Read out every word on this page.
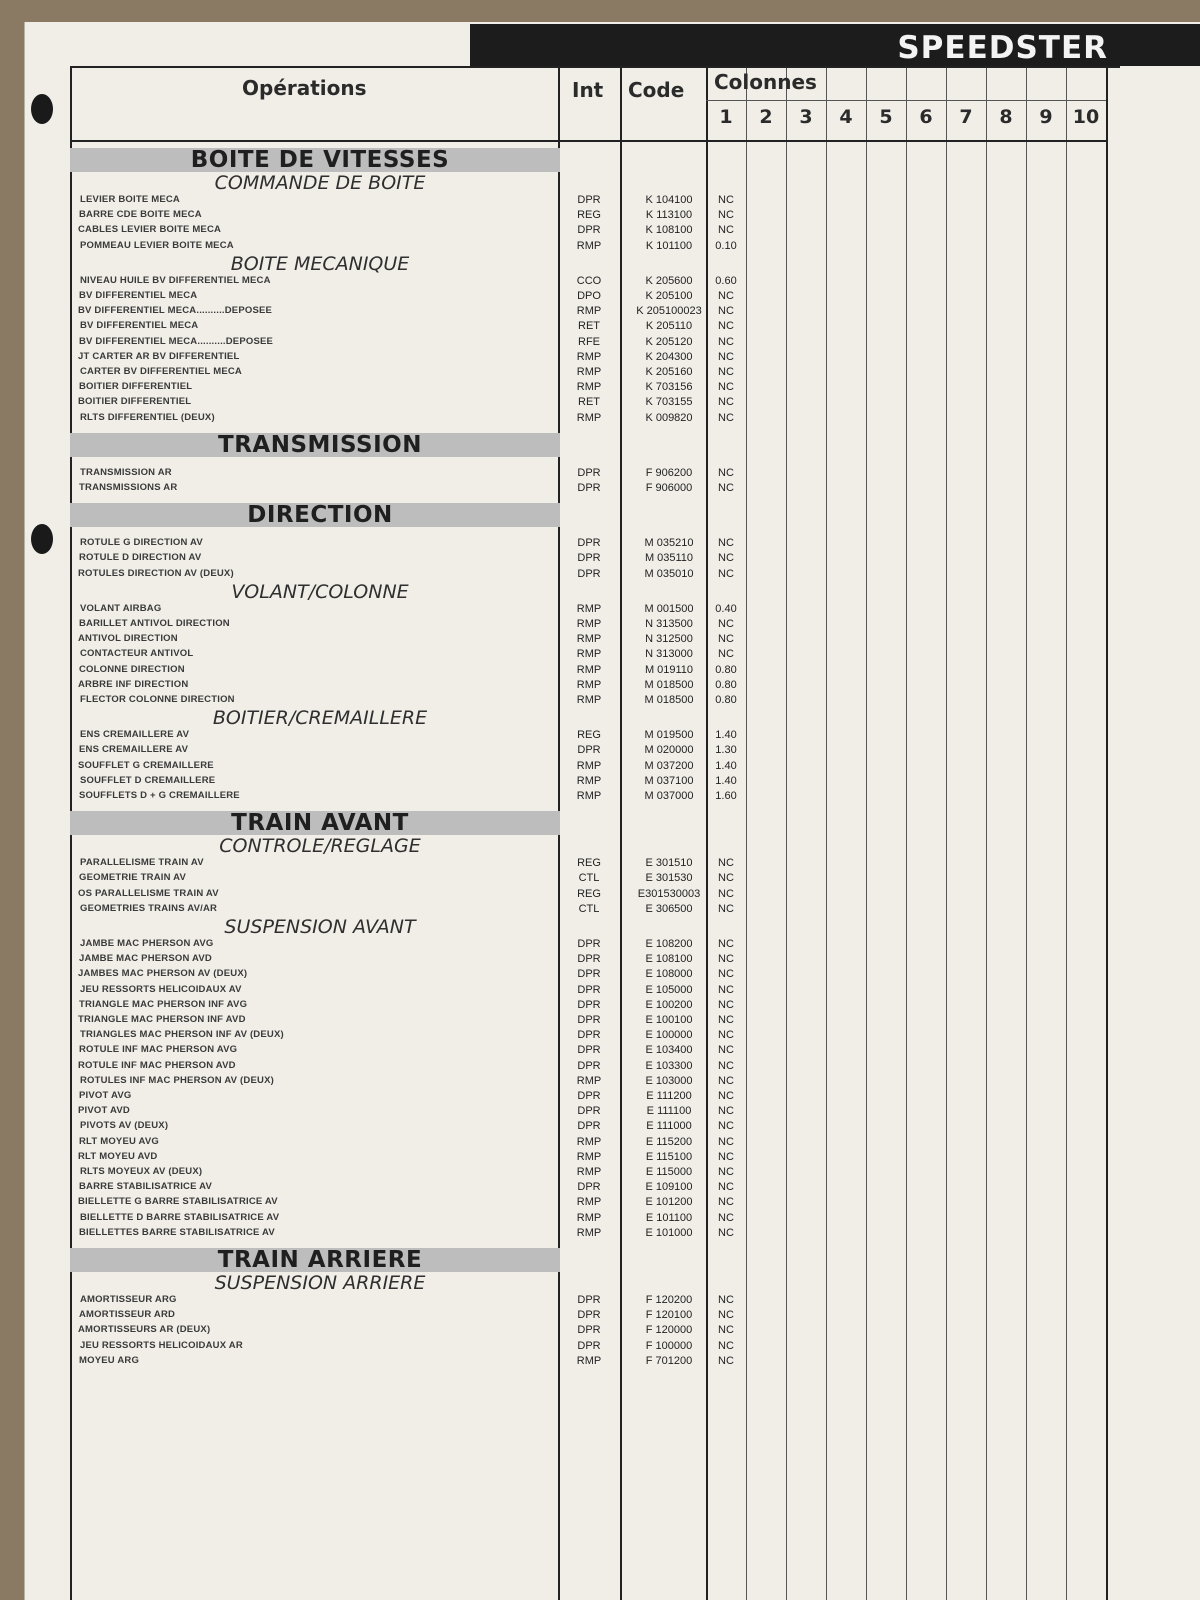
SPEEDSTER
Opérations	Int Code Colonnes
1	2	3	4	5	6	7	8	9	10
BOITE DE VITESSES
COMMANDE DE BOITE
LEVIER BOITE MECA	DPR	K 104100	NC
BARRE CDE BOITE MECA	REG	K 113100	NC
CABLES LEVIER BOITE MECA	DPR	K 108100	NC
POMMEAU LEVIER BOITE MECA	RMP	K 101100	0.10
BOITE MECANIQUE
NIVEAU HUILE BV DIFFERENTIEL MECA	CCO	K 205600	0.60
BV DIFFERENTIEL MECA	DPO	K 205100	NC
BV DIFFERENTIEL MECA..........DEPOSEE	RMP	K 205100023	NC
BV DIFFERENTIEL MECA	RET	K 205110	NC
BV DIFFERENTIEL MECA..........DEPOSEE	RFE	K 205120	NC
JT CARTER AR BV DIFFERENTIEL	RMP	K 204300	NC
CARTER BV DIFFERENTIEL MECA	RMP	K 205160	NC
BOITIER DIFFERENTIEL	RMP	K 703156	NC
BOITIER DIFFERENTIEL	RET	K 703155	NC
RLTS DIFFERENTIEL (DEUX)	RMP	K 009820	NC
TRANSMISSION
TRANSMISSION AR	DPR	F 906200	NC
TRANSMISSIONS AR	DPR	F 906000	NC
DIRECTION
ROTULE G DIRECTION AV	DPR	M 035210	NC
ROTULE D DIRECTION AV	DPR	M 035110	NC
ROTULES DIRECTION AV (DEUX)	DPR	M 035010	NC
VOLANT/COLONNE
VOLANT AIRBAG	RMP	M 001500	0.40
BARILLET ANTIVOL DIRECTION	RMP	N 313500	NC
ANTIVOL DIRECTION	RMP	N 312500	NC
CONTACTEUR ANTIVOL	RMP	N 313000	NC
COLONNE DIRECTION	RMP	M 019110	0.80
ARBRE INF DIRECTION	RMP	M 018500	0.80
FLECTOR COLONNE DIRECTION	RMP	M 018500	0.80
BOITIER/CREMAILLERE
ENS CREMAILLERE AV	REG	M 019500	1.40
ENS CREMAILLERE AV	DPR	M 020000	1.30
SOUFFLET G CREMAILLERE	RMP	M 037200	1.40
SOUFFLET D CREMAILLERE	RMP	M 037100	1.40
SOUFFLETS D + G CREMAILLERE	RMP	M 037000	1.60
TRAIN AVANT
CONTROLE/REGLAGE
PARALLELISME TRAIN AV	REG	E 301510	NC
GEOMETRIE TRAIN AV	CTL	E 301530	NC
OS PARALLELISME TRAIN AV	REG	E301530003	NC
GEOMETRIES TRAINS AV/AR	CTL	E 306500	NC
SUSPENSION AVANT
JAMBE MAC PHERSON AVG	DPR	E 108200	NC
JAMBE MAC PHERSON AVD	DPR	E 108100	NC
JAMBES MAC PHERSON AV (DEUX)	DPR	E 108000	NC
JEU RESSORTS HELICOIDAUX AV	DPR	E 105000	NC
TRIANGLE MAC PHERSON INF AVG	DPR	E 100200	NC
TRIANGLE MAC PHERSON INF AVD	DPR	E 100100	NC
TRIANGLES MAC PHERSON INF AV (DEUX)	DPR	E 100000	NC
ROTULE INF MAC PHERSON AVG	DPR	E 103400	NC
ROTULE INF MAC PHERSON AVD	DPR	E 103300	NC
ROTULES INF MAC PHERSON AV (DEUX)	RMP	E 103000	NC
PIVOT AVG	DPR	E 111200	NC
PIVOT AVD	DPR	E 111100	NC
PIVOTS AV (DEUX)	DPR	E 111000	NC
RLT MOYEU AVG	RMP	E 115200	NC
RLT MOYEU AVD	RMP	E 115100	NC
RLTS MOYEUX AV (DEUX)	RMP	E 115000	NC
BARRE STABILISATRICE AV	DPR	E 109100	NC
BIELLETTE G BARRE STABILISATRICE AV	RMP	E 101200	NC
BIELLETTE D BARRE STABILISATRICE AV	RMP	E 101100	NC
BIELLETTES BARRE STABILISATRICE AV	RMP	E 101000	NC
TRAIN ARRIERE
SUSPENSION ARRIERE
AMORTISSEUR ARG	DPR	F 120200	NC
AMORTISSEUR ARD	DPR	F 120100	NC
AMORTISSEURS AR (DEUX)	DPR	F 120000	NC
JEU RESSORTS HELICOIDAUX AR	DPR	F 100000	NC
MOYEU ARG	RMP	F 701200	NC
